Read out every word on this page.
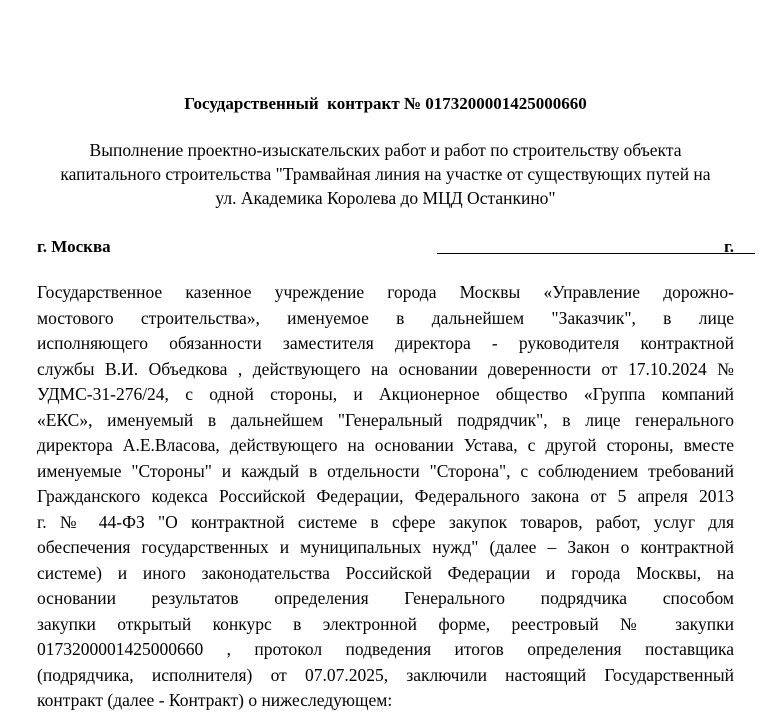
Государственный  контракт № 0173200001425000660
Выполнение проектно-изыскательских работ и работ по строительству объекта
капитального строительства "Трамвайная линия на участке от существующих путей на
ул. Академика Королева до МЦД Останкино"
г. Москва	г.
Государственное казенное учреждение города Москвы «Управление дорожно-
мостового строительства», именуемое в дальнейшем "Заказчик", в лице
исполняющего обязанности заместителя директора - руководителя контрактной
службы В.И. Объедкова , действующего на основании доверенности от 17.10.2024 №
УДМС-31-276/24, с одной стороны, и Акционерное общество «Группа компаний
«ЕКС», именуемый в дальнейшем "Генеральный подрядчик", в лице генерального
директора А.Е.Власова, действующего на основании Устава, с другой стороны, вместе
именуемые "Стороны" и каждый в отдельности "Сторона", с соблюдением требований
Гражданского кодекса Российской Федерации, Федерального закона от 5 апреля 2013
г. № 44-ФЗ "О контрактной системе в сфере закупок товаров, работ, услуг для
обеспечения государственных и муниципальных нужд" (далее – Закон о контрактной
системе) и иного законодательства Российской Федерации и города Москвы, на
основании результатов определения Генерального подрядчика способом
закупки открытый конкурс в электронной форме, реестровый № закупки
0173200001425000660 , протокол подведения итогов определения поставщика
(подрядчика, исполнителя) от 07.07.2025, заключили настоящий Государственный
контракт (далее - Контракт) о нижеследующем:
